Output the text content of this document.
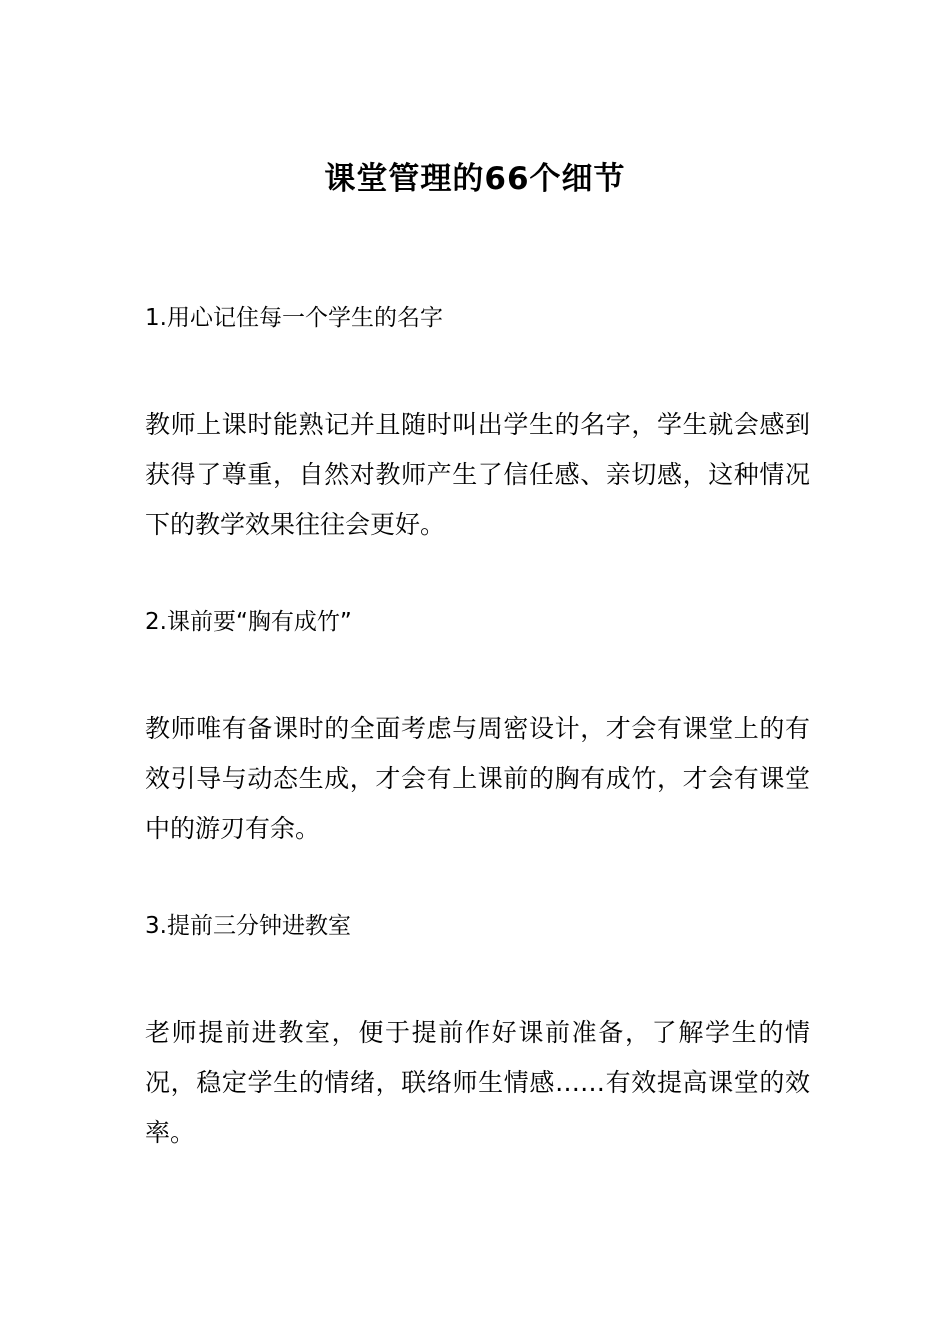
课堂管理的66个细节

1.用心记住每一个学生的名字

教师上课时能熟记并且随时叫出学生的名字，学生就会感到获得了尊重，自然对教师产生了信任感、亲切感，这种情况下的教学效果往往会更好。

2.课前要“胸有成竹”

教师唯有备课时的全面考虑与周密设计，才会有课堂上的有效引导与动态生成，才会有上课前的胸有成竹，才会有课堂中的游刃有余。

3.提前三分钟进教室

老师提前进教室，便于提前作好课前准备，了解学生的情况，稳定学生的情绪，联络师生情感……有效提高课堂的效率。
